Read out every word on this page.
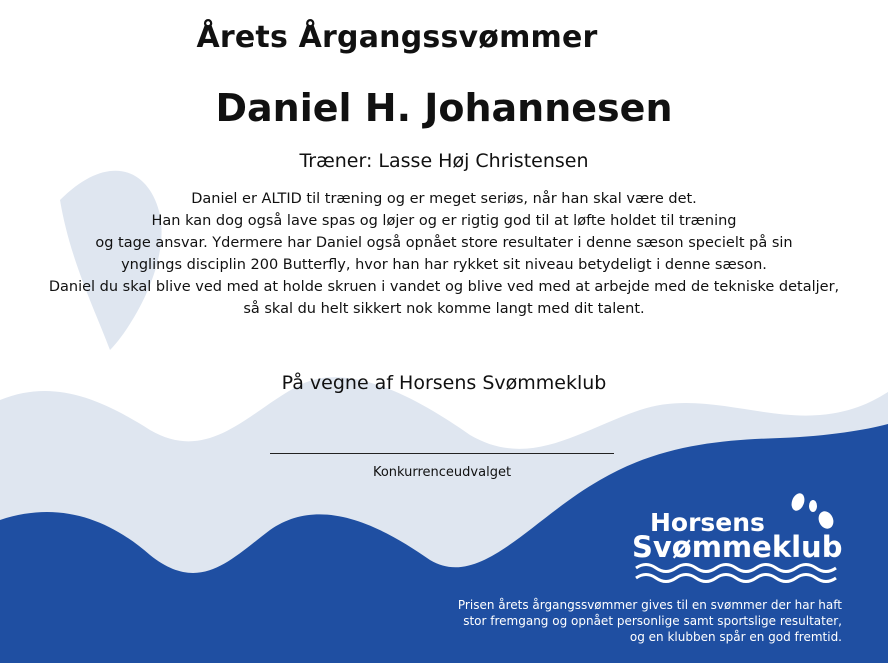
Årets Årgangssvømmer
Daniel H. Johannesen
Træner: Lasse Høj Christensen
Daniel er ALTID til træning og er meget seriøs, når han skal være det.
Han kan dog også lave spas og løjer og er rigtig god til at løfte holdet til træning
og tage ansvar. Ydermere har Daniel også opnået store resultater i denne sæson specielt på sin
ynglings disciplin 200 Butterfly, hvor han har rykket sit niveau betydeligt i denne sæson.
Daniel du skal blive ved med at holde skruen i vandet og blive ved med at arbejde med de tekniske detaljer,
så skal du helt sikkert nok komme langt med dit talent.
På vegne af Horsens Svømmeklub
Konkurrenceudvalget
Horsens
Svømmeklub
Prisen årets årgangssvømmer gives til en svømmer der har haft
stor fremgang og opnået personlige samt sportslige resultater,
og en klubben spår en god fremtid.
